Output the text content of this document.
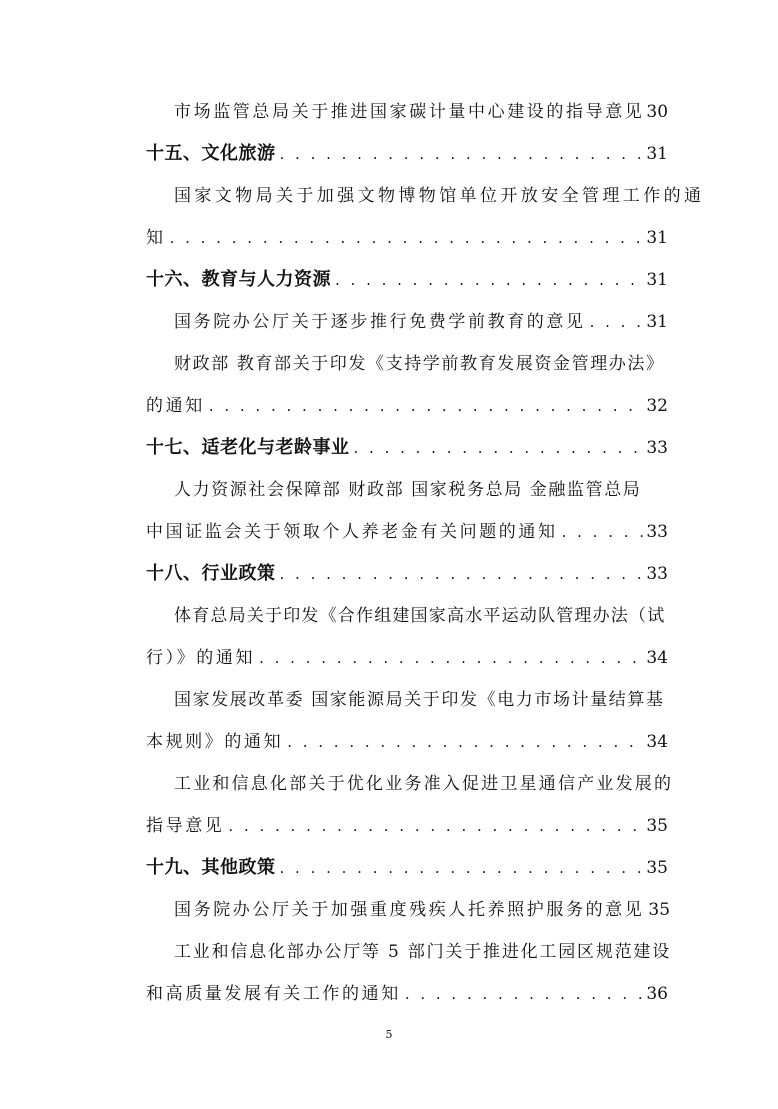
市场监管总局关于推进国家碳计量中心建设的指导意见 30
十五、文化旅游 . . .	31
国家文物局关于加强文物博物馆单位开放安全管理工作的通
知 . . .	31
十六、教育与人力资源 . . .	31
国务院办公厅关于逐步推行免费学前教育的意见 . . .	31
财政部 教育部关于印发《支持学前教育发展资金管理办法》
的通知 . . .	32
十七、适老化与老龄事业 . . .	33
人力资源社会保障部 财政部 国家税务总局 金融监管总局
中国证监会关于领取个人养老金有关问题的通知 . . .	33
十八、行业政策 . . .	33
体育总局关于印发《合作组建国家高水平运动队管理办法（试
行）》的通知 . . .	34
国家发展改革委 国家能源局关于印发《电力市场计量结算基
本规则》的通知 . . .	34
工业和信息化部关于优化业务准入促进卫星通信产业发展的
指导意见 . . .	35
十九、其他政策 . . .	35
国务院办公厅关于加强重度残疾人托养照护服务的意见 35
工业和信息化部办公厅等 5 部门关于推进化工园区规范建设
和高质量发展有关工作的通知 . . .	36
5
